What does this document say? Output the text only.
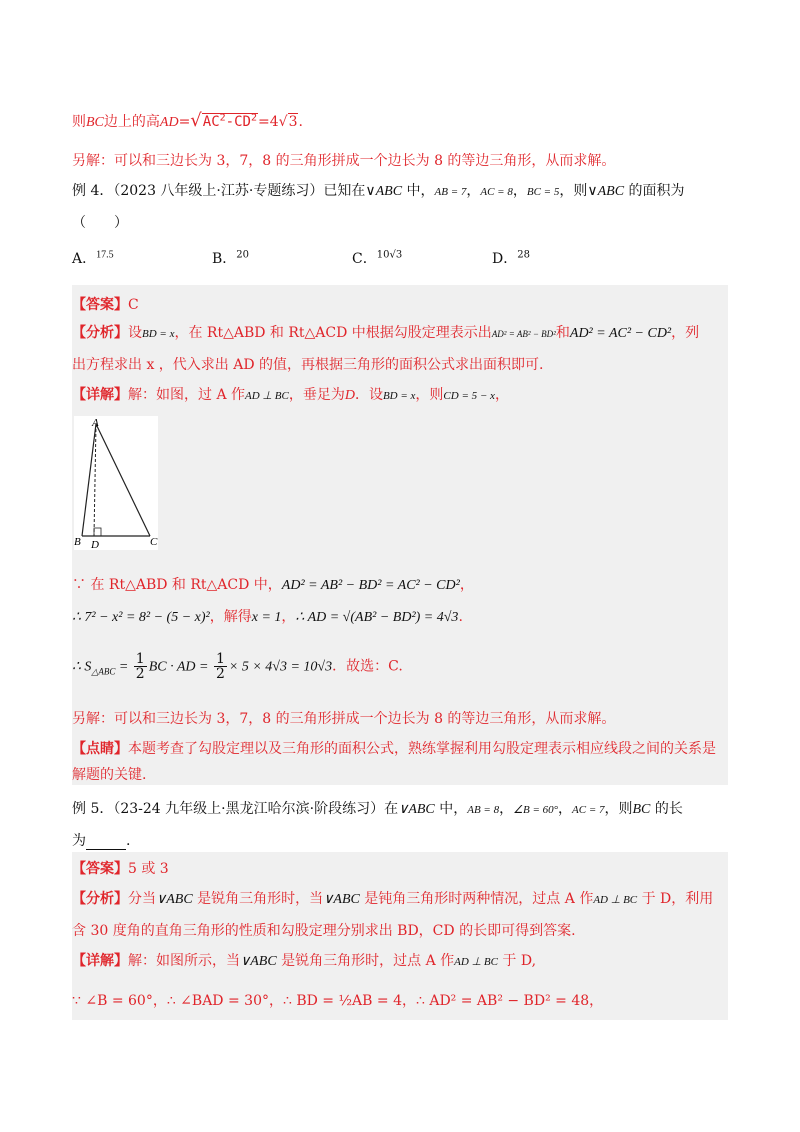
则BC边上的高$AD=√AC^2-CD^2=4√3$.
另解：可以和三边长为 3，7，8 的三角形拼成一个边长为 8 的等边三角形，从而求解。
例 4．（2023 八年级上·江苏·专题练习）已知在∨ABC 中，AB = 7，AC = 8，BC = 5，则∨ABC 的面积为
（　　）
A．$^{17.5}$	B．$^{20}$	C．$^{10√3}$	D．$^{28}$
【答案】C
【分析】设BD = x，在 Rt△ABD 和 Rt△ACD 中根据勾股定理表示出AD² = AB² − BD²和AD² = AC² − CD²，列
出方程求出 x ，代入求出 AD 的值，再根据三角形的面积公式求出面积即可.
【详解】解：如图，过 A 作AD ⊥ BC，垂足为D．设BD = x，则CD = 5 − x，
A
B D	C
∵ 在 Rt△ABD 和 Rt△ACD 中，AD² = AB² − BD² = AC² − CD²，
∴ 7² − x² = 8² − (5 − x)²，解得x = 1，∴ AD = √(AB² − BD²) = 4√3.
∴ $S_{\triangle ABC} = \frac{1}{2}$ BC · AD = $\frac{1}{2} \times 5 \times 4√3 = 10√3$．故选：C.
另解：可以和三边长为 3，7，8 的三角形拼成一个边长为 8 的等边三角形，从而求解。
【点睛】本题考查了勾股定理以及三角形的面积公式，熟练掌握利用勾股定理表示相应线段之间的关系是
解题的关键.
例 5．（23-24 九年级上·黑龙江哈尔滨·阶段练习）在∨ABC 中，AB = 8，∠B = 60°，AC = 7，则BC 的长
为	.
【答案】5 或 3
【分析】分当∨ABC 是锐角三角形时，当∨ABC 是钝角三角形时两种情况，过点 A 作AD ⊥ BC 于 D，利用
含 30 度角的直角三角形的性质和勾股定理分别求出 BD，CD 的长即可得到答案.
【详解】解：如图所示，当∨ABC 是锐角三角形时，过点 A 作AD ⊥ BC 于 D,
∵ ∠B = 60°，∴ ∠BAD = 30°，∴ BD = ½AB = 4，∴ AD² = AB² − BD² = 48，
